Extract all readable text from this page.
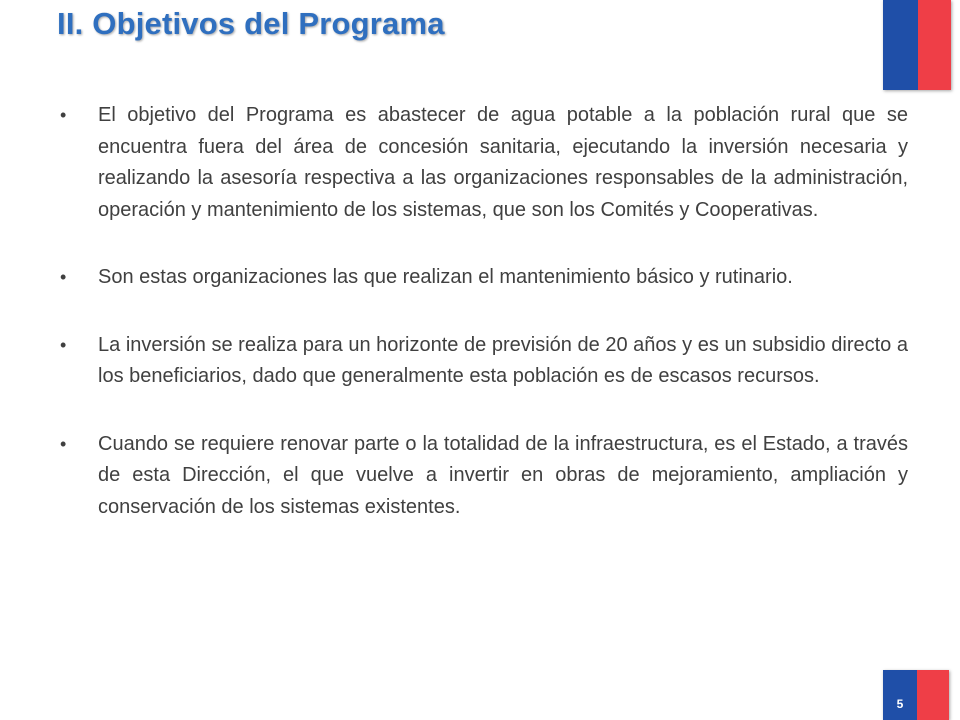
II. Objetivos del Programa
•	El objetivo del Programa es abastecer de agua potable a la población rural que se encuentra fuera del área de concesión sanitaria, ejecutando la inversión necesaria y realizando la asesoría respectiva a las organizaciones responsables de la administración, operación y mantenimiento de los sistemas, que son los Comités y Cooperativas.
•	Son estas organizaciones las que realizan el mantenimiento básico y rutinario.
•	La inversión se realiza para un horizonte de previsión de 20 años y es un subsidio directo a los beneficiarios, dado que generalmente esta población es de escasos recursos.
•	Cuando se requiere renovar parte o la totalidad de la infraestructura, es el Estado, a través de esta Dirección, el que vuelve a invertir en obras de mejoramiento, ampliación y conservación de los sistemas existentes.
5
